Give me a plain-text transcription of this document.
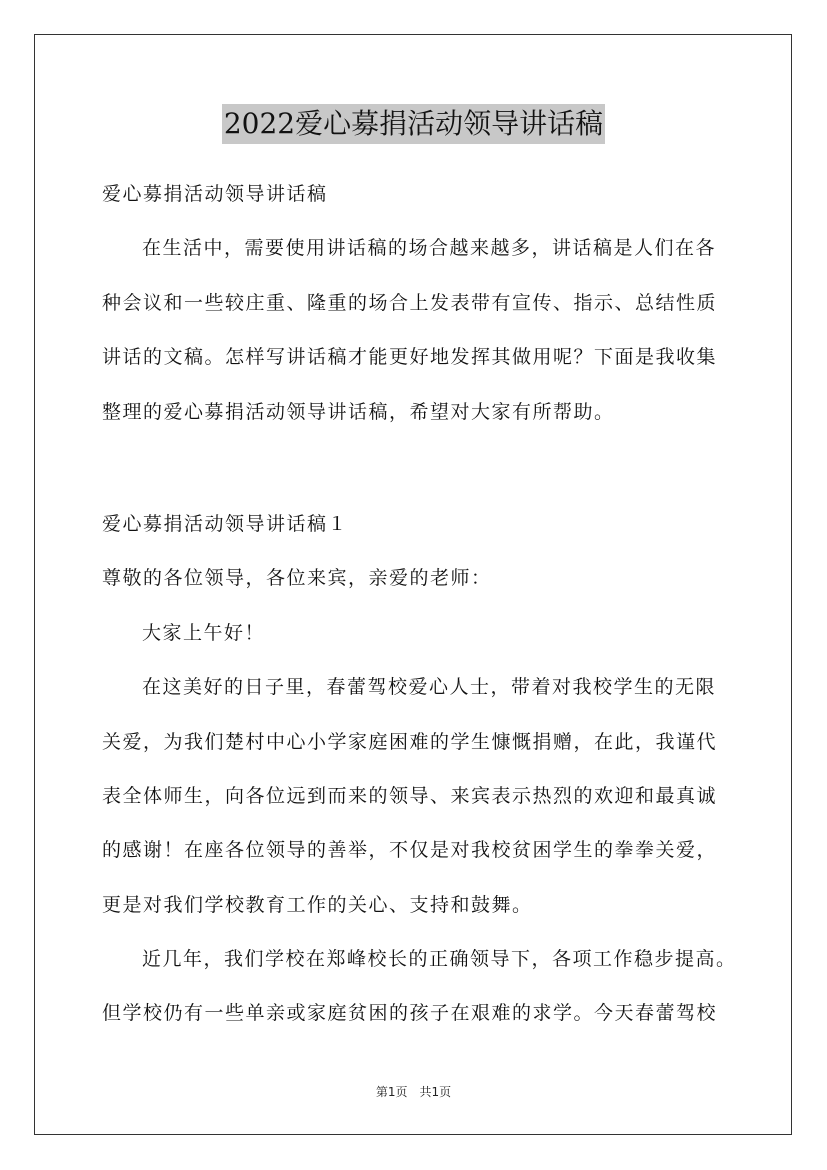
2022爱心募捐活动领导讲话稿
爱心募捐活动领导讲话稿
在生活中，需要使用讲话稿的场合越来越多，讲话稿是人们在各
种会议和一些较庄重、隆重的场合上发表带有宣传、指示、总结性质
讲话的文稿。怎样写讲话稿才能更好地发挥其做用呢？下面是我收集
整理的爱心募捐活动领导讲话稿，希望对大家有所帮助。
爱心募捐活动领导讲话稿１
尊敬的各位领导，各位来宾，亲爱的老师：
大家上午好！
在这美好的日子里，春蕾驾校爱心人士，带着对我校学生的无限
关爱，为我们楚村中心小学家庭困难的学生慷慨捐赠，在此，我谨代
表全体师生，向各位远到而来的领导、来宾表示热烈的欢迎和最真诚
的感谢！在座各位领导的善举，不仅是对我校贫困学生的拳拳关爱，
更是对我们学校教育工作的关心、支持和鼓舞。
近几年，我们学校在郑峰校长的正确领导下，各项工作稳步提高。
但学校仍有一些单亲或家庭贫困的孩子在艰难的求学。今天春蕾驾校
第1页　共1页
